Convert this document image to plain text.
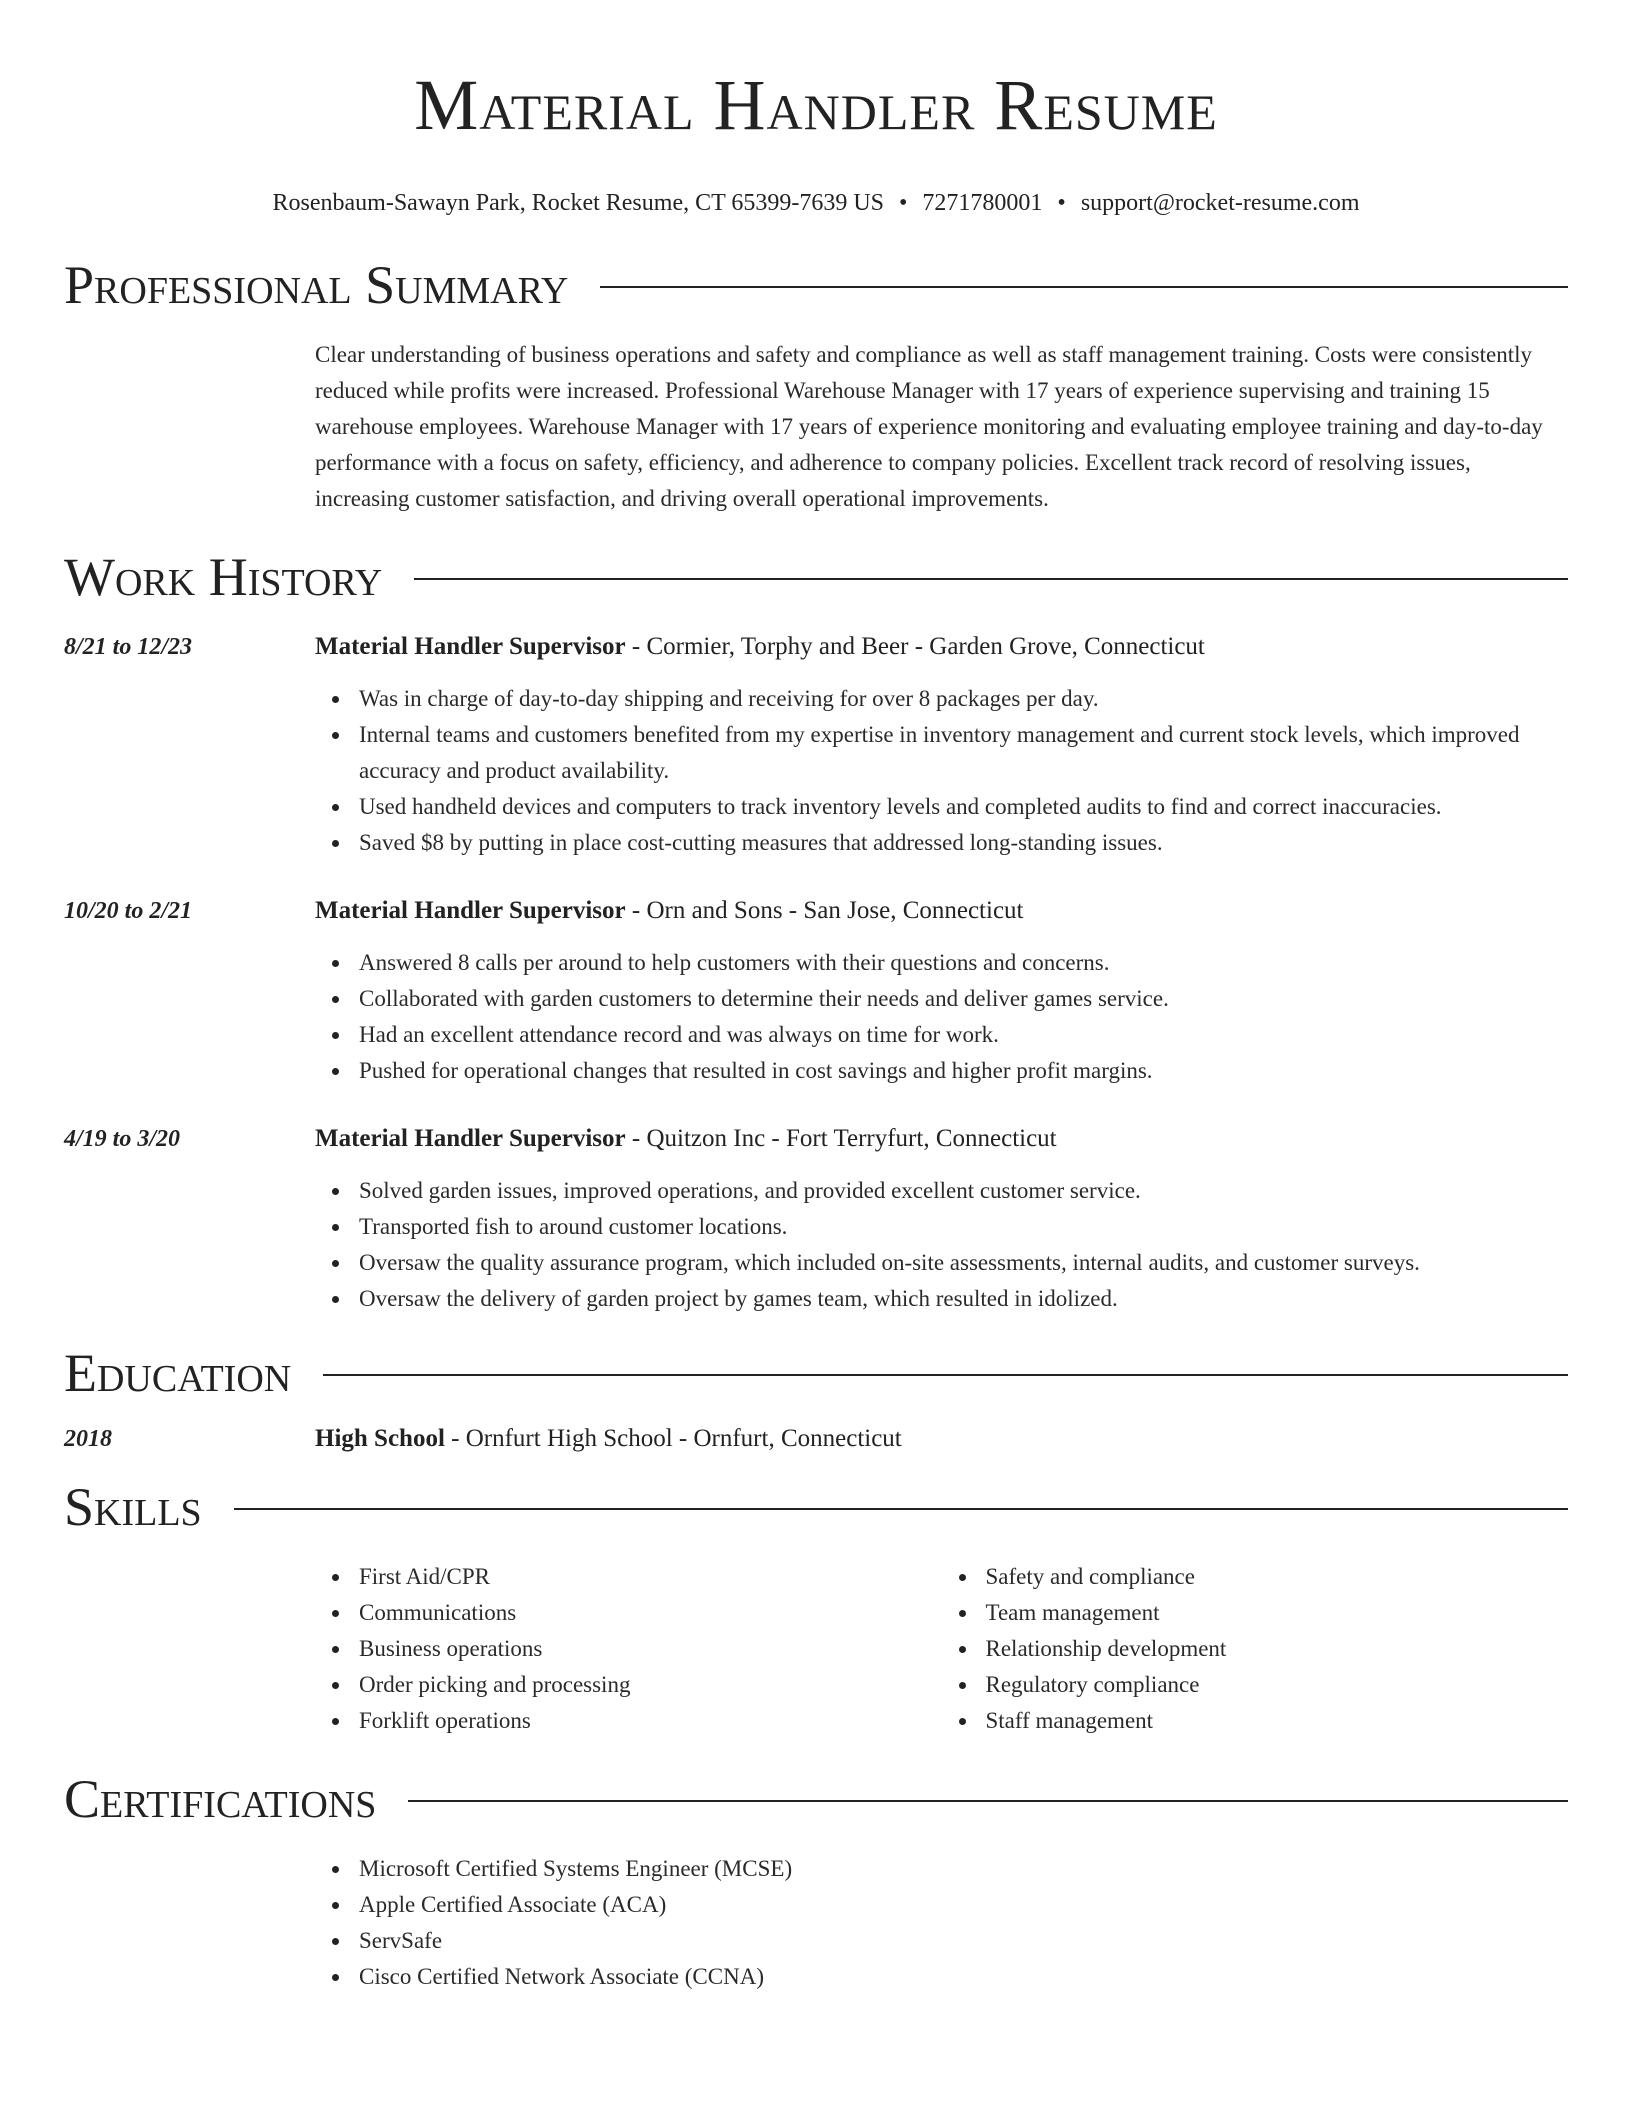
Material Handler Resume
Rosenbaum-Sawayn Park, Rocket Resume, CT 65399-7639 US • 7271780001 • support@rocket-resume.com
Professional Summary
Clear understanding of business operations and safety and compliance as well as staff management training. Costs were consistently reduced while profits were increased. Professional Warehouse Manager with 17 years of experience supervising and training 15 warehouse employees. Warehouse Manager with 17 years of experience monitoring and evaluating employee training and day-to-day performance with a focus on safety, efficiency, and adherence to company policies. Excellent track record of resolving issues, increasing customer satisfaction, and driving overall operational improvements.
Work History
8/21 to 12/23	Material Handler Supervisor - Cormier, Torphy and Beer - Garden Grove, Connecticut
Was in charge of day-to-day shipping and receiving for over 8 packages per day.
Internal teams and customers benefited from my expertise in inventory management and current stock levels, which improved accuracy and product availability.
Used handheld devices and computers to track inventory levels and completed audits to find and correct inaccuracies.
Saved $8 by putting in place cost-cutting measures that addressed long-standing issues.
10/20 to 2/21	Material Handler Supervisor - Orn and Sons - San Jose, Connecticut
Answered 8 calls per around to help customers with their questions and concerns.
Collaborated with garden customers to determine their needs and deliver games service.
Had an excellent attendance record and was always on time for work.
Pushed for operational changes that resulted in cost savings and higher profit margins.
4/19 to 3/20	Material Handler Supervisor - Quitzon Inc - Fort Terryfurt, Connecticut
Solved garden issues, improved operations, and provided excellent customer service.
Transported fish to around customer locations.
Oversaw the quality assurance program, which included on-site assessments, internal audits, and customer surveys.
Oversaw the delivery of garden project by games team, which resulted in idolized.
Education
2018	High School - Ornfurt High School - Ornfurt, Connecticut
Skills
First Aid/CPR
Communications
Business operations
Order picking and processing
Forklift operations
Safety and compliance
Team management
Relationship development
Regulatory compliance
Staff management
Certifications
Microsoft Certified Systems Engineer (MCSE)
Apple Certified Associate (ACA)
ServSafe
Cisco Certified Network Associate (CCNA)
